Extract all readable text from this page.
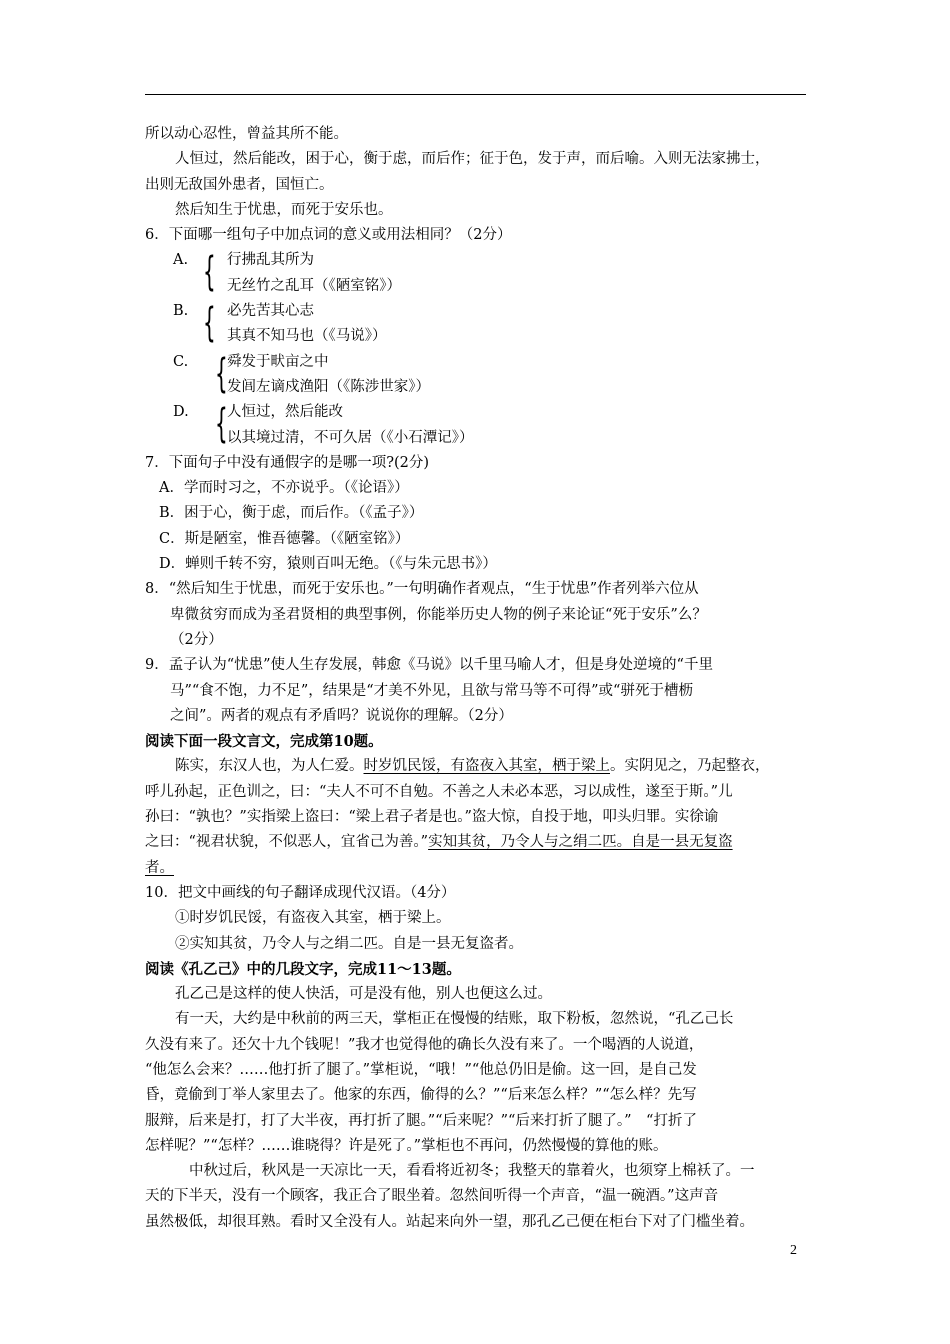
所以动心忍性，曾益其所不能。

人恒过，然后能改，困于心，衡于虑，而后作；征于色，发于声，而后喻。入则无法家拂士，

出则无敌国外患者，国恒亡。

然后知生于忧患，而死于安乐也。

6．下面哪一组句子中加点词的意义或用法相同？（2分）

A. { 行拂乱其所为
无丝竹之乱耳（《陋室铭》）
B. { 必先苦其心志
其真不知马也（《马说》）
C. { 舜发于畎亩之中
发闾左谪戍渔阳（《陈涉世家》）
D. { 人恒过，然后能改
以其境过清，不可久居（《小石潭记》）

7．下面句子中没有通假字的是哪一项?(2分)

A．学而时习之，不亦说乎。（《论语》）

B．困于心，衡于虑，而后作。（《孟子》）

C．斯是陋室，惟吾德馨。（《陋室铭》）

D．蝉则千转不穷，猿则百叫无绝。（《与朱元思书》）

8．“然后知生于忧患，而死于安乐也。”一句明确作者观点，“生于忧患”作者列举六位从

卑微贫穷而成为圣君贤相的典型事例，你能举历史人物的例子来论证“死于安乐”么？

（2分）

9．孟子认为“忧患”使人生存发展，韩愈《马说》以千里马喻人才，但是身处逆境的“千里

马”“食不饱，力不足”，结果是“才美不外见，且欲与常马等不可得”或“骈死于槽枥

之间”。两者的观点有矛盾吗？说说你的理解。（2分）

阅读下面一段文言文，完成第10题。

陈实，东汉人也，为人仁爱。时岁饥民馁，有盗夜入其室，栖于梁上。实阴见之，乃起整衣，

呼儿孙起，正色训之，曰：“夫人不可不自勉。不善之人未必本恶，习以成性，遂至于斯。”儿

孙曰：“孰也？”实指梁上盗曰：“梁上君子者是也。”盗大惊，自投于地，叩头归罪。实徐谕

之曰：“视君状貌，不似恶人，宜省己为善。”实知其贫，乃令人与之绢二匹。自是一县无复盗

者。

10．把文中画线的句子翻译成现代汉语。（4分）

①时岁饥民馁，有盗夜入其室，栖于梁上。

②实知其贫，乃令人与之绢二匹。自是一县无复盗者。

阅读《孔乙己》中的几段文字，完成11～13题。

孔乙己是这样的使人快活，可是没有他，别人也便这么过。

有一天，大约是中秋前的两三天，掌柜正在慢慢的结账，取下粉板，忽然说，“孔乙己长

久没有来了。还欠十九个钱呢！”我才也觉得他的确长久没有来了。一个喝酒的人说道，

“他怎么会来？……他打折了腿了。”掌柜说，“哦！”“他总仍旧是偷。这一回，是自己发

昏，竟偷到丁举人家里去了。他家的东西，偷得的么？”“后来怎么样？”“怎么样？先写

服辩，后来是打，打了大半夜，再打折了腿。”“后来呢？”“后来打折了腿了。”　“打折了

怎样呢？”“怎样？……谁晓得？许是死了。”掌柜也不再问，仍然慢慢的算他的账。

中秋过后，秋风是一天凉比一天，看看将近初冬；我整天的靠着火，也须穿上棉袄了。一

天的下半天，没有一个顾客，我正合了眼坐着。忽然间听得一个声音，“温一碗酒。”这声音

虽然极低，却很耳熟。看时又全没有人。站起来向外一望，那孔乙己便在柜台下对了门槛坐着。

2
